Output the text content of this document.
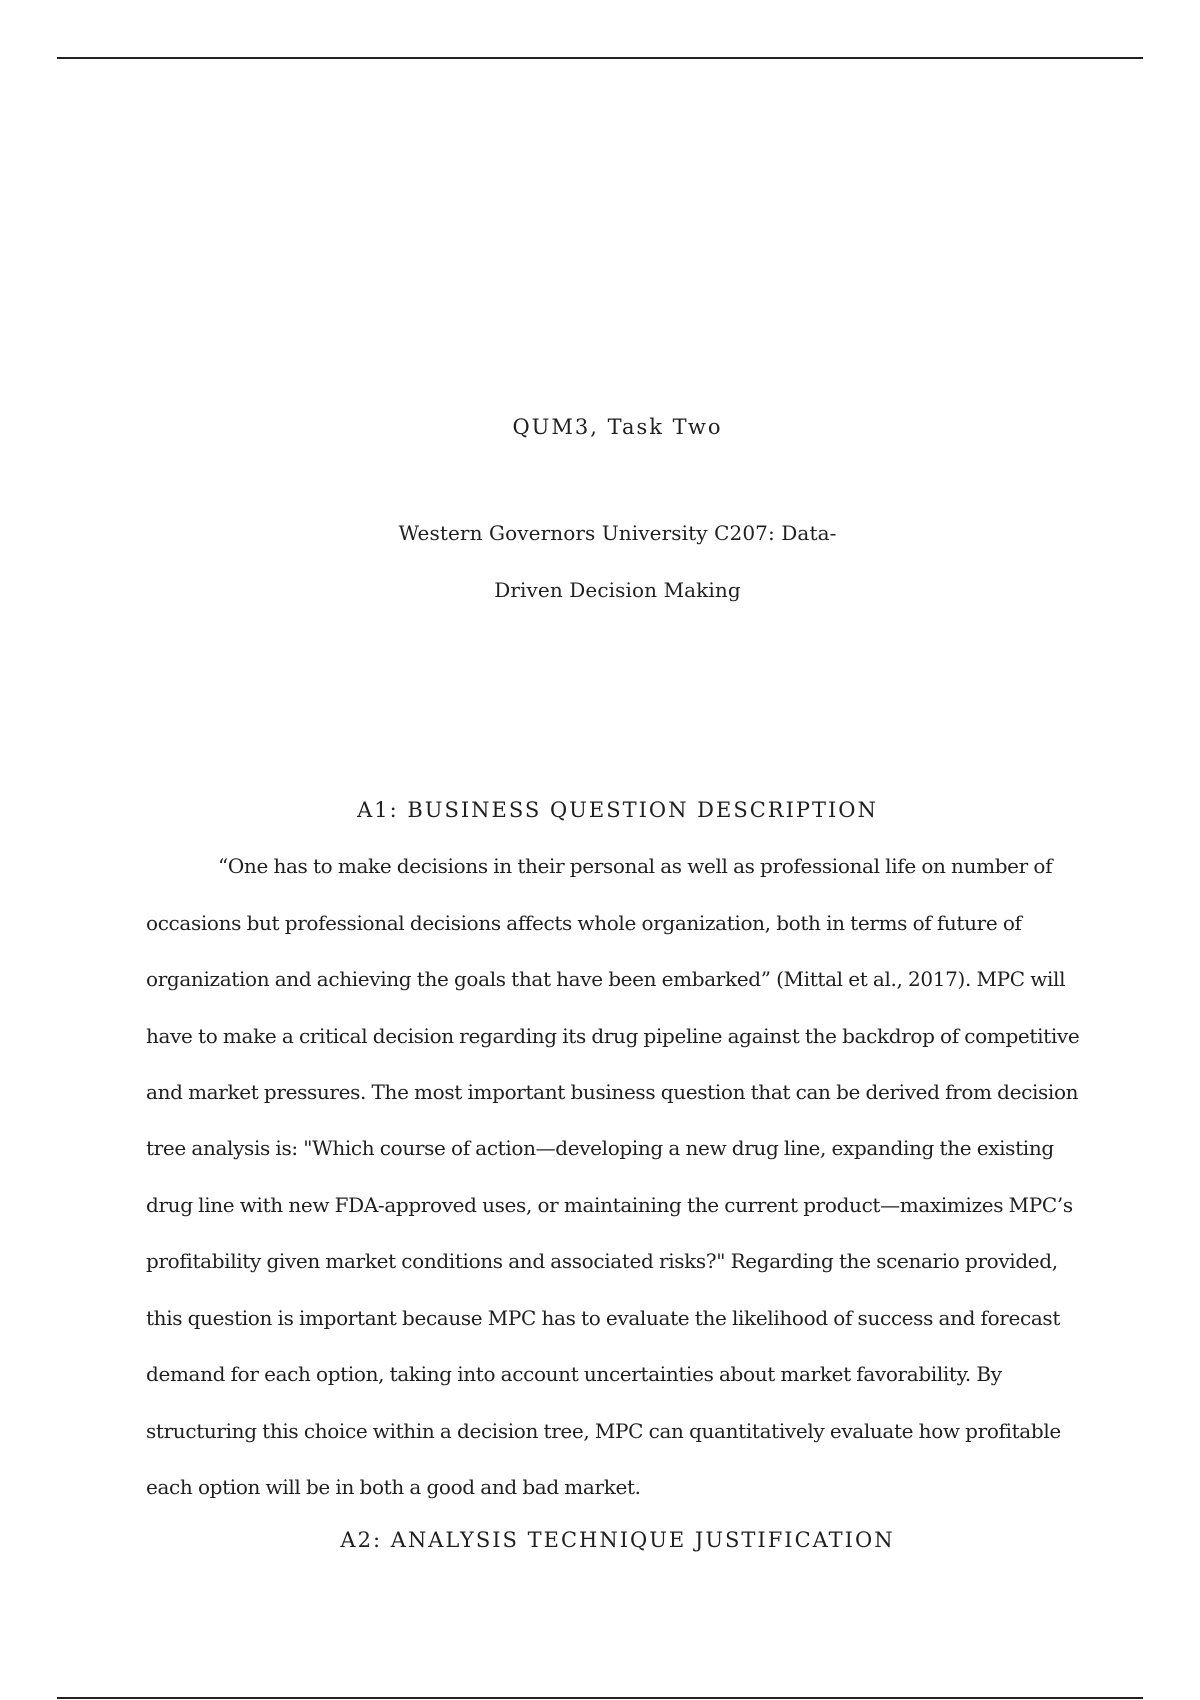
QUM3, Task Two
Western Governors University C207: Data-
Driven Decision Making
A1: BUSINESS QUESTION DESCRIPTION
“One has to make decisions in their personal as well as professional life on number of
occasions but professional decisions affects whole organization, both in terms of future of
organization and achieving the goals that have been embarked” (Mittal et al., 2017). MPC will
have to make a critical decision regarding its drug pipeline against the backdrop of competitive
and market pressures. The most important business question that can be derived from decision
tree analysis is: "Which course of action—developing a new drug line, expanding the existing
drug line with new FDA-approved uses, or maintaining the current product—maximizes MPC’s
profitability given market conditions and associated risks?" Regarding the scenario provided,
this question is important because MPC has to evaluate the likelihood of success and forecast
demand for each option, taking into account uncertainties about market favorability. By
structuring this choice within a decision tree, MPC can quantitatively evaluate how profitable
each option will be in both a good and bad market.
A2: ANALYSIS TECHNIQUE JUSTIFICATION
